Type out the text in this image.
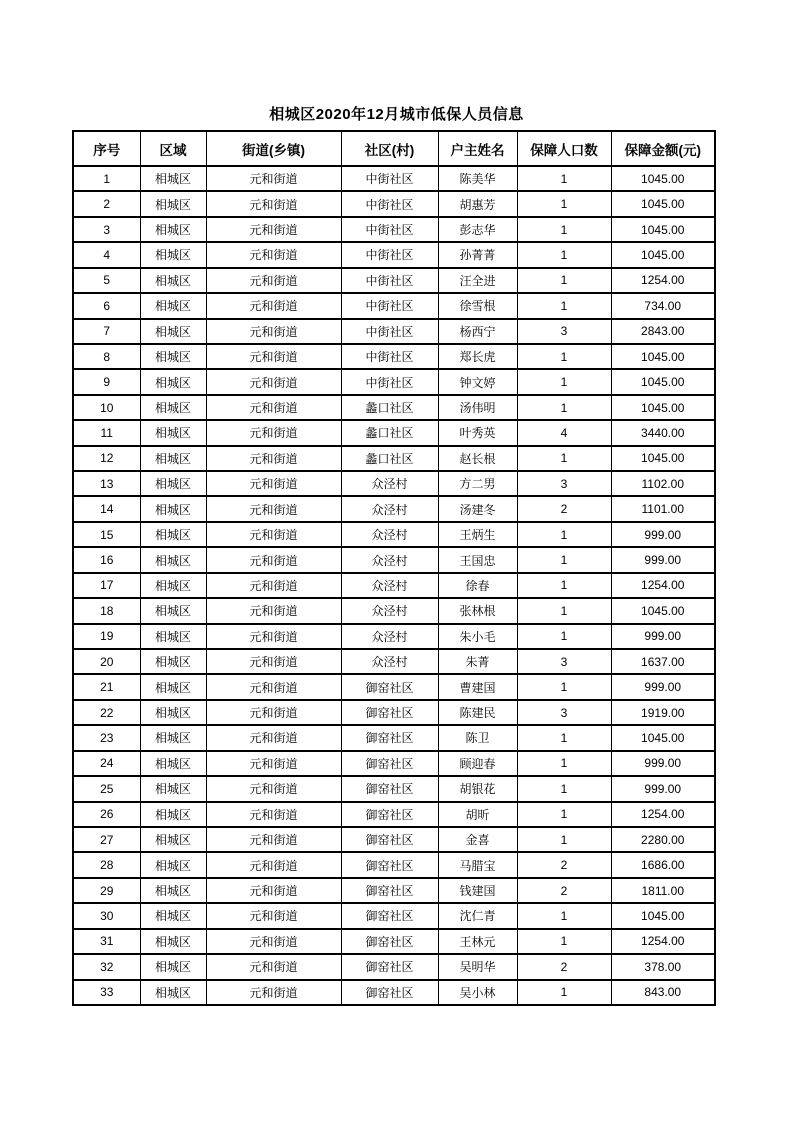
相城区2020年12月城市低保人员信息
序号	区域	街道(乡镇)	社区(村)	户主姓名	保障人口数	保障金额(元)
1	相城区	元和街道	中街社区	陈美华	1	1045.00
2	相城区	元和街道	中街社区	胡惠芳	1	1045.00
3	相城区	元和街道	中街社区	彭志华	1	1045.00
4	相城区	元和街道	中街社区	孙菁菁	1	1045.00
5	相城区	元和街道	中街社区	汪全进	1	1254.00
6	相城区	元和街道	中街社区	徐雪根	1	734.00
7	相城区	元和街道	中街社区	杨西宁	3	2843.00
8	相城区	元和街道	中街社区	郑长虎	1	1045.00
9	相城区	元和街道	中街社区	钟文婷	1	1045.00
10	相城区	元和街道	蠡口社区	汤伟明	1	1045.00
11	相城区	元和街道	蠡口社区	叶秀英	4	3440.00
12	相城区	元和街道	蠡口社区	赵长根	1	1045.00
13	相城区	元和街道	众泾村	方二男	3	1102.00
14	相城区	元和街道	众泾村	汤建冬	2	1101.00
15	相城区	元和街道	众泾村	王炳生	1	999.00
16	相城区	元和街道	众泾村	王国忠	1	999.00
17	相城区	元和街道	众泾村	徐春	1	1254.00
18	相城区	元和街道	众泾村	张林根	1	1045.00
19	相城区	元和街道	众泾村	朱小毛	1	999.00
20	相城区	元和街道	众泾村	朱菁	3	1637.00
21	相城区	元和街道	御窑社区	曹建国	1	999.00
22	相城区	元和街道	御窑社区	陈建民	3	1919.00
23	相城区	元和街道	御窑社区	陈卫	1	1045.00
24	相城区	元和街道	御窑社区	顾迎春	1	999.00
25	相城区	元和街道	御窑社区	胡银花	1	999.00
26	相城区	元和街道	御窑社区	胡昕	1	1254.00
27	相城区	元和街道	御窑社区	金喜	1	2280.00
28	相城区	元和街道	御窑社区	马腊宝	2	1686.00
29	相城区	元和街道	御窑社区	钱建国	2	1811.00
30	相城区	元和街道	御窑社区	沈仁青	1	1045.00
31	相城区	元和街道	御窑社区	王林元	1	1254.00
32	相城区	元和街道	御窑社区	吴明华	2	378.00
33	相城区	元和街道	御窑社区	吴小林	1	843.00
